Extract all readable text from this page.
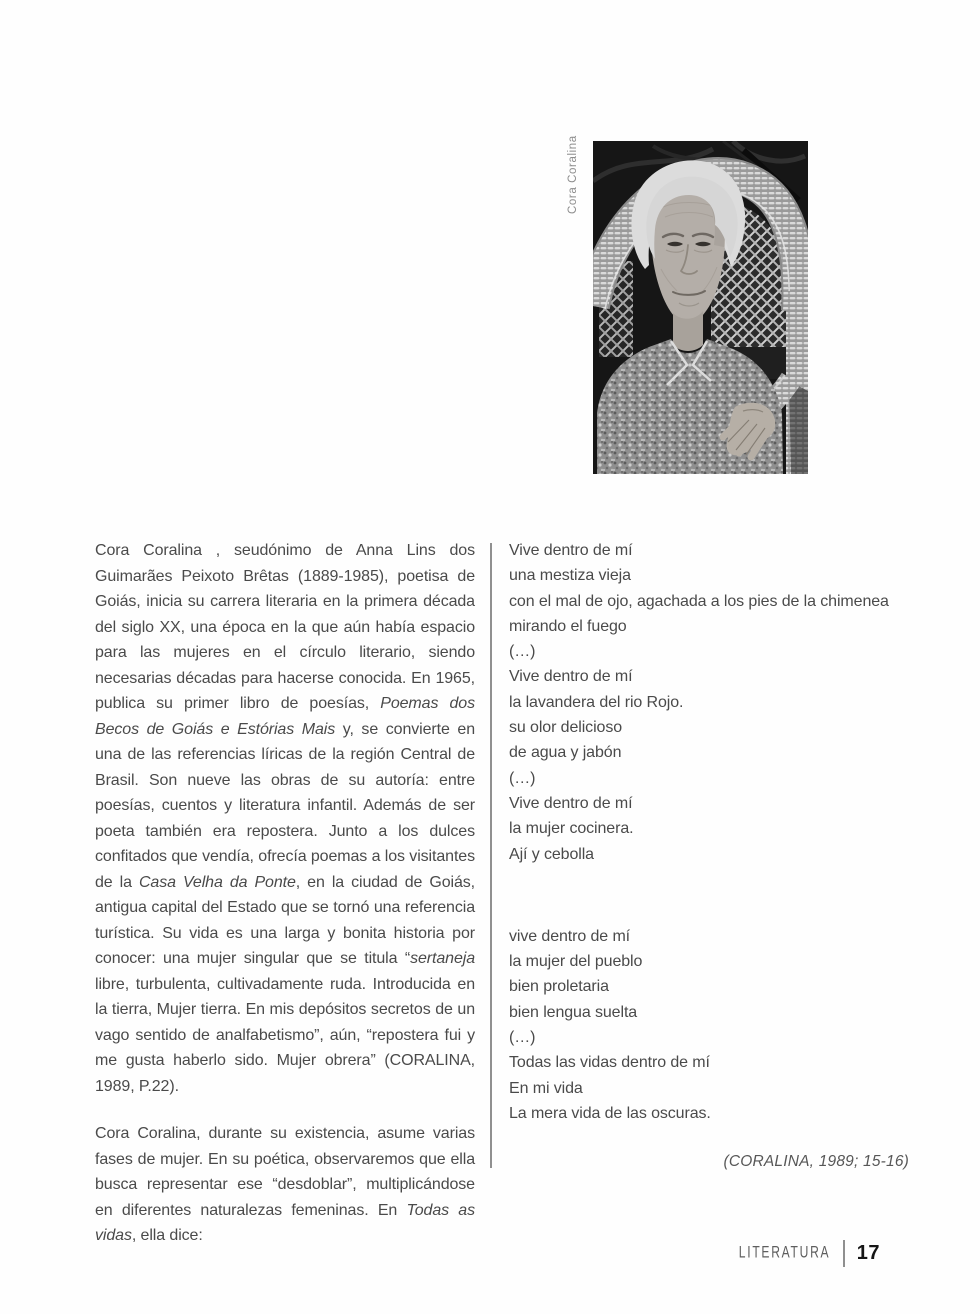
Cora Coralina

Cora Coralina , seudónimo de Anna Lins dos Guimarães Peixoto Brêtas (1889-1985), poetisa de Goiás, inicia su carrera literaria en la primera década del siglo XX, una época en la que aún había espacio para las mujeres en el círculo literario, siendo necesarias décadas para hacerse conocida. En 1965, publica su primer libro de poesías, Poemas dos Becos de Goiás e Estórias Mais y, se convierte en una de las referencias líricas de la región Central de Brasil. Son nueve las obras de su autoría: entre poesías, cuentos y literatura infantil. Además de ser poeta también era repostera. Junto a los dulces confitados que vendía, ofrecía poemas a los visitantes de la Casa Velha da Ponte, en la ciudad de Goiás, antigua capital del Estado que se tornó una referencia turística. Su vida es una larga y bonita historia por conocer: una mujer singular que se titula “sertaneja libre, turbulenta, cultivadamente ruda. Introducida en la tierra, Mujer tierra. En mis depósitos secretos de un vago sentido de analfabetismo”, aún, “repostera fui y me gusta haberlo sido. Mujer obrera” (CORALINA, 1989, P.22).

Cora Coralina, durante su existencia, asume varias fases de mujer. En su poética, observaremos que ella busca representar ese “desdoblar”, multiplicándose en diferentes naturalezas femeninas. En Todas as vidas, ella dice:

Vive dentro de mí
una mestiza vieja
con el mal de ojo, agachada a los pies de la chimenea
mirando el fuego
(…)
Vive dentro de mí
la lavandera del rio Rojo.
su olor delicioso
de agua y jabón
(…)
Vive dentro de mí
la mujer cocinera.
Ají y cebolla
vive dentro de mí
la mujer del pueblo
bien proletaria
bien lengua suelta
(…)
Todas las vidas dentro de mí
En mi vida
La mera vida de las oscuras.
(CORALINA, 1989; 15-16)
LITERATURA 17
